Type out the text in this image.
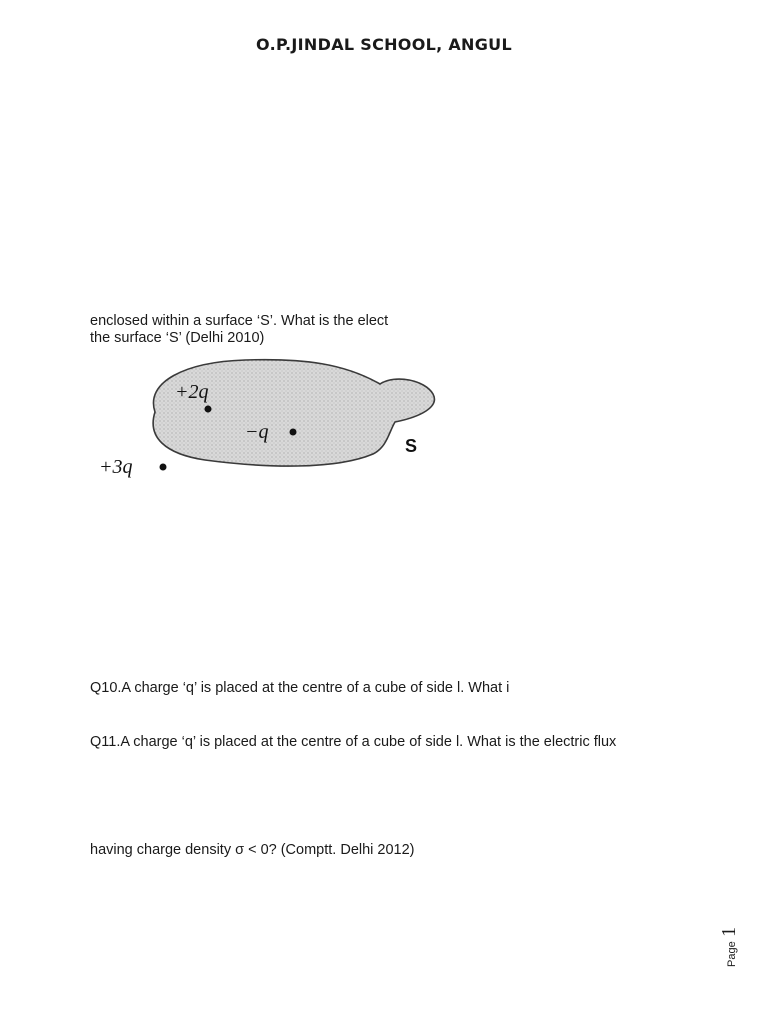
O.P.JINDAL SCHOOL, ANGUL
enclosed within a surface ‘S’. What is the elect
the surface ‘S’ (Delhi 2010)
+2q
−q
S
+3q
Q10.A charge ‘q’ is placed at the centre of a cube of side l. What i
Q11.A charge ‘q’ is placed at the centre of a cube of side l. What is the electric flux
having charge density σ < 0? (Comptt. Delhi 2012)
Page 1
